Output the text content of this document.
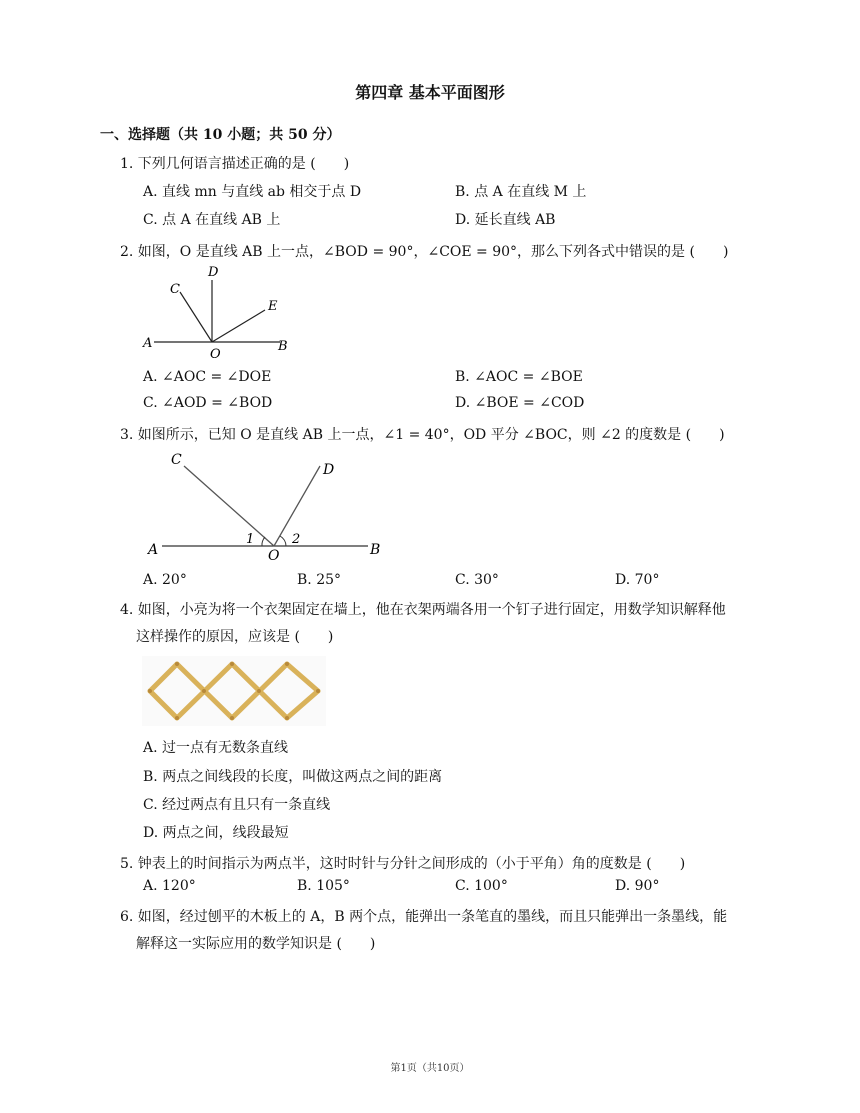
第四章 基本平面图形
一、选择题（共 10 小题；共 50 分）
1. 下列几何语言描述正确的是 (　　)
A. 直线 mn 与直线 ab 相交于点 D	B. 点 A 在直线 M 上
C. 点 A 在直线 AB 上	D. 延长直线 AB
2. 如图，O 是直线 AB 上一点，∠BOD = 90°，∠COE = 90°，那么下列各式中错误的是 (　　)
C
D
E
A
O
B
A. ∠AOC = ∠DOE	B. ∠AOC = ∠BOE
C. ∠AOD = ∠BOD	D. ∠BOE = ∠COD
3. 如图所示，已知 O 是直线 AB 上一点，∠1 = 40°，OD 平分 ∠BOC，则 ∠2 的度数是 (　　)
C
D
1	2
A	O	B
A. 20°	B. 25°	C. 30°	D. 70°
4. 如图，小亮为将一个衣架固定在墙上，他在衣架两端各用一个钉子进行固定，用数学知识解释他
这样操作的原因，应该是 (　　)
A. 过一点有无数条直线
B. 两点之间线段的长度，叫做这两点之间的距离
C. 经过两点有且只有一条直线
D. 两点之间，线段最短
5. 钟表上的时间指示为两点半，这时时针与分针之间形成的（小于平角）角的度数是 (　　)
A. 120°	B. 105°	C. 100°	D. 90°
6. 如图，经过刨平的木板上的 A，B 两个点，能弹出一条笔直的墨线，而且只能弹出一条墨线，能
解释这一实际应用的数学知识是 (　　)
第1页（共10页）
